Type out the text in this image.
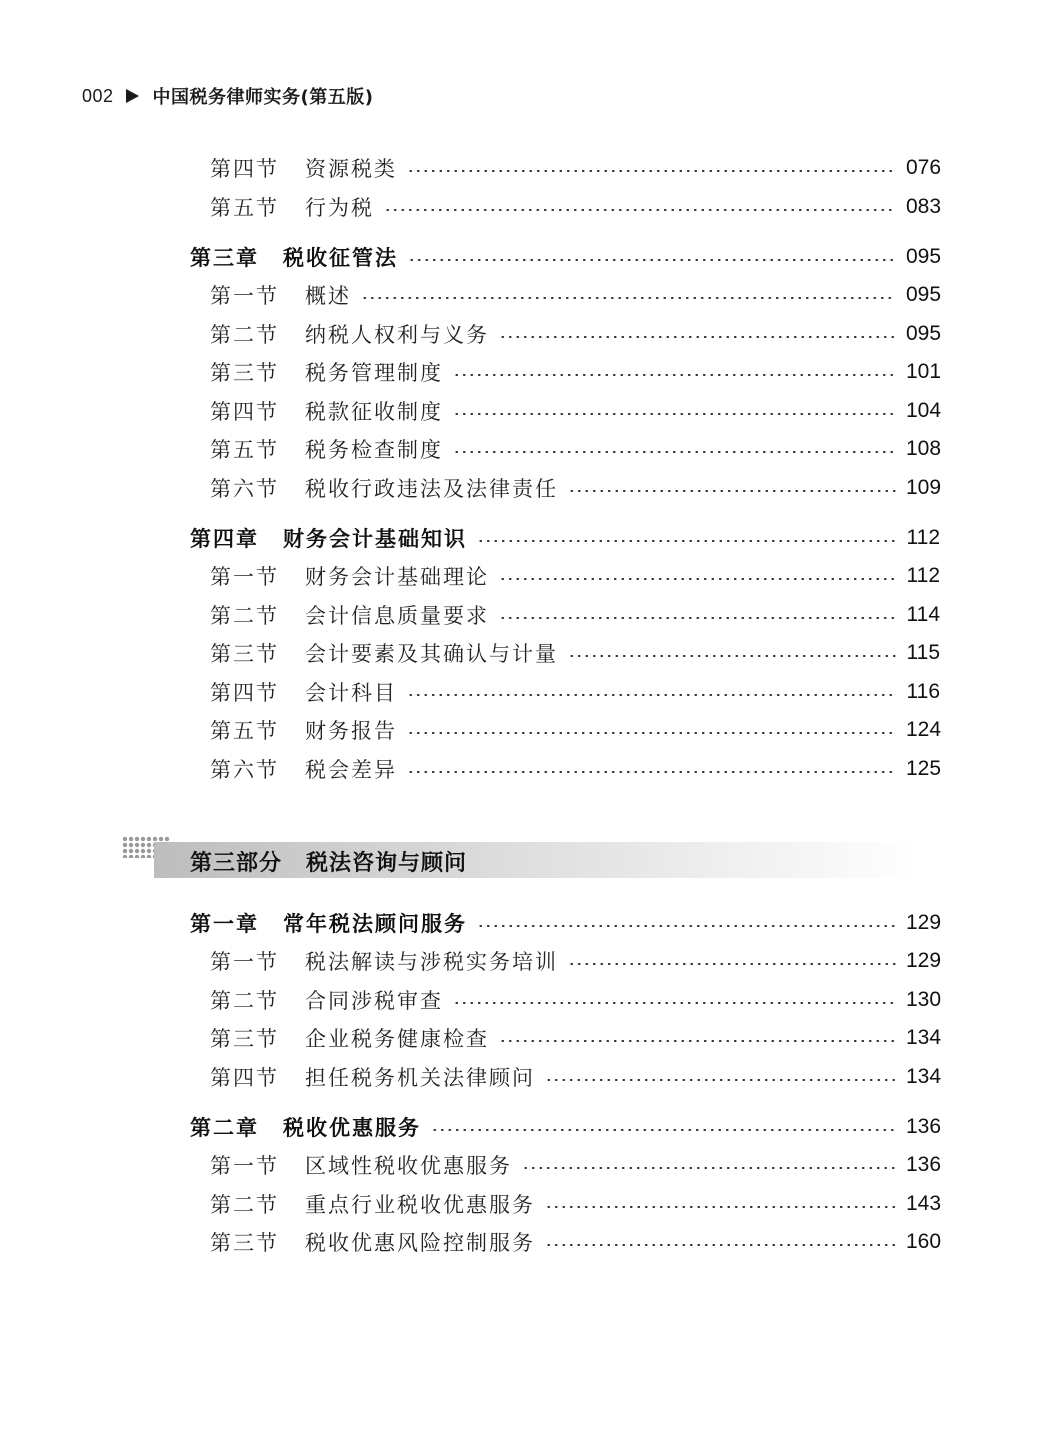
002 中国税务律师实务(第五版)
第四节	资源税类	076
第五节	行为税	083
第三章	税收征管法	095
第一节	概述	095
第二节	纳税人权利与义务	095
第三节	税务管理制度	101
第四节	税款征收制度	104
第五节	税务检查制度	108
第六节	税收行政违法及法律责任	109
第四章	财务会计基础知识	112
第一节	财务会计基础理论	112
第二节	会计信息质量要求	114
第三节	会计要素及其确认与计量	115
第四节	会计科目	116
第五节	财务报告	124
第六节	税会差异	125
第三部分 税法咨询与顾问
第一章	常年税法顾问服务	129
第一节	税法解读与涉税实务培训	129
第二节	合同涉税审查	130
第三节	企业税务健康检查	134
第四节	担任税务机关法律顾问	134
第二章	税收优惠服务	136
第一节	区域性税收优惠服务	136
第二节	重点行业税收优惠服务	143
第三节	税收优惠风险控制服务	160
